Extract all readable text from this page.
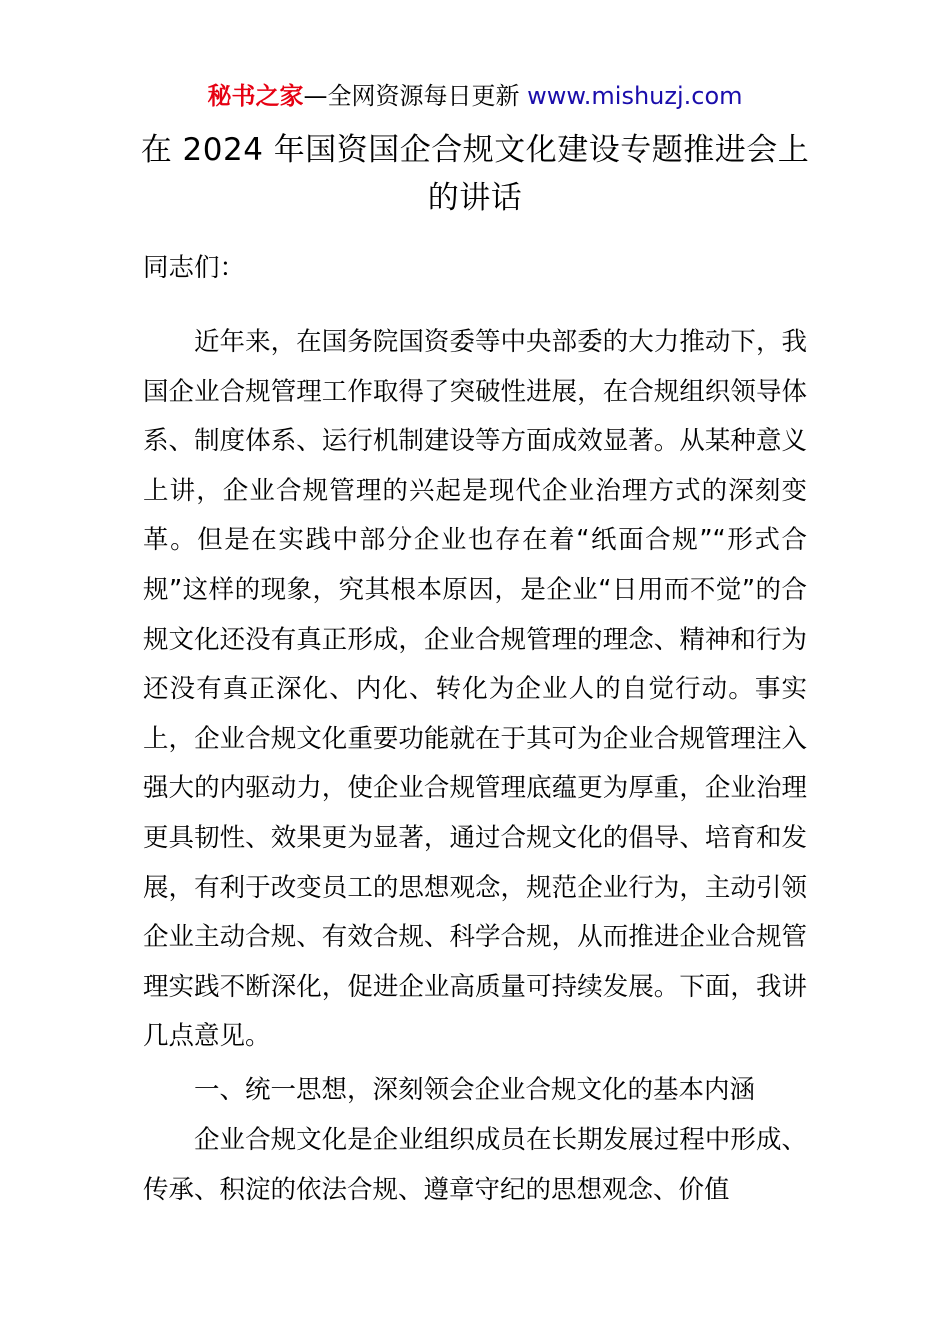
秘书之家—全网资源每日更新 www.mishuzj.com
在 2024 年国资国企合规文化建设专题推进会上的讲话

同志们：

近年来，在国务院国资委等中央部委的大力推动下，我国企业合规管理工作取得了突破性进展，在合规组织领导体系、制度体系、运行机制建设等方面成效显著。从某种意义上讲，企业合规管理的兴起是现代企业治理方式的深刻变革。但是在实践中部分企业也存在着“纸面合规”“形式合规”这样的现象，究其根本原因，是企业“日用而不觉”的合规文化还没有真正形成，企业合规管理的理念、精神和行为还没有真正深化、内化、转化为企业人的自觉行动。事实上，企业合规文化重要功能就在于其可为企业合规管理注入强大的内驱动力，使企业合规管理底蕴更为厚重，企业治理更具韧性、效果更为显著，通过合规文化的倡导、培育和发展，有利于改变员工的思想观念，规范企业行为，主动引领企业主动合规、有效合规、科学合规，从而推进企业合规管理实践不断深化，促进企业高质量可持续发展。下面，我讲几点意见。

一、统一思想，深刻领会企业合规文化的基本内涵

企业合规文化是企业组织成员在长期发展过程中形成、传承、积淀的依法合规、遵章守纪的思想观念、价值
